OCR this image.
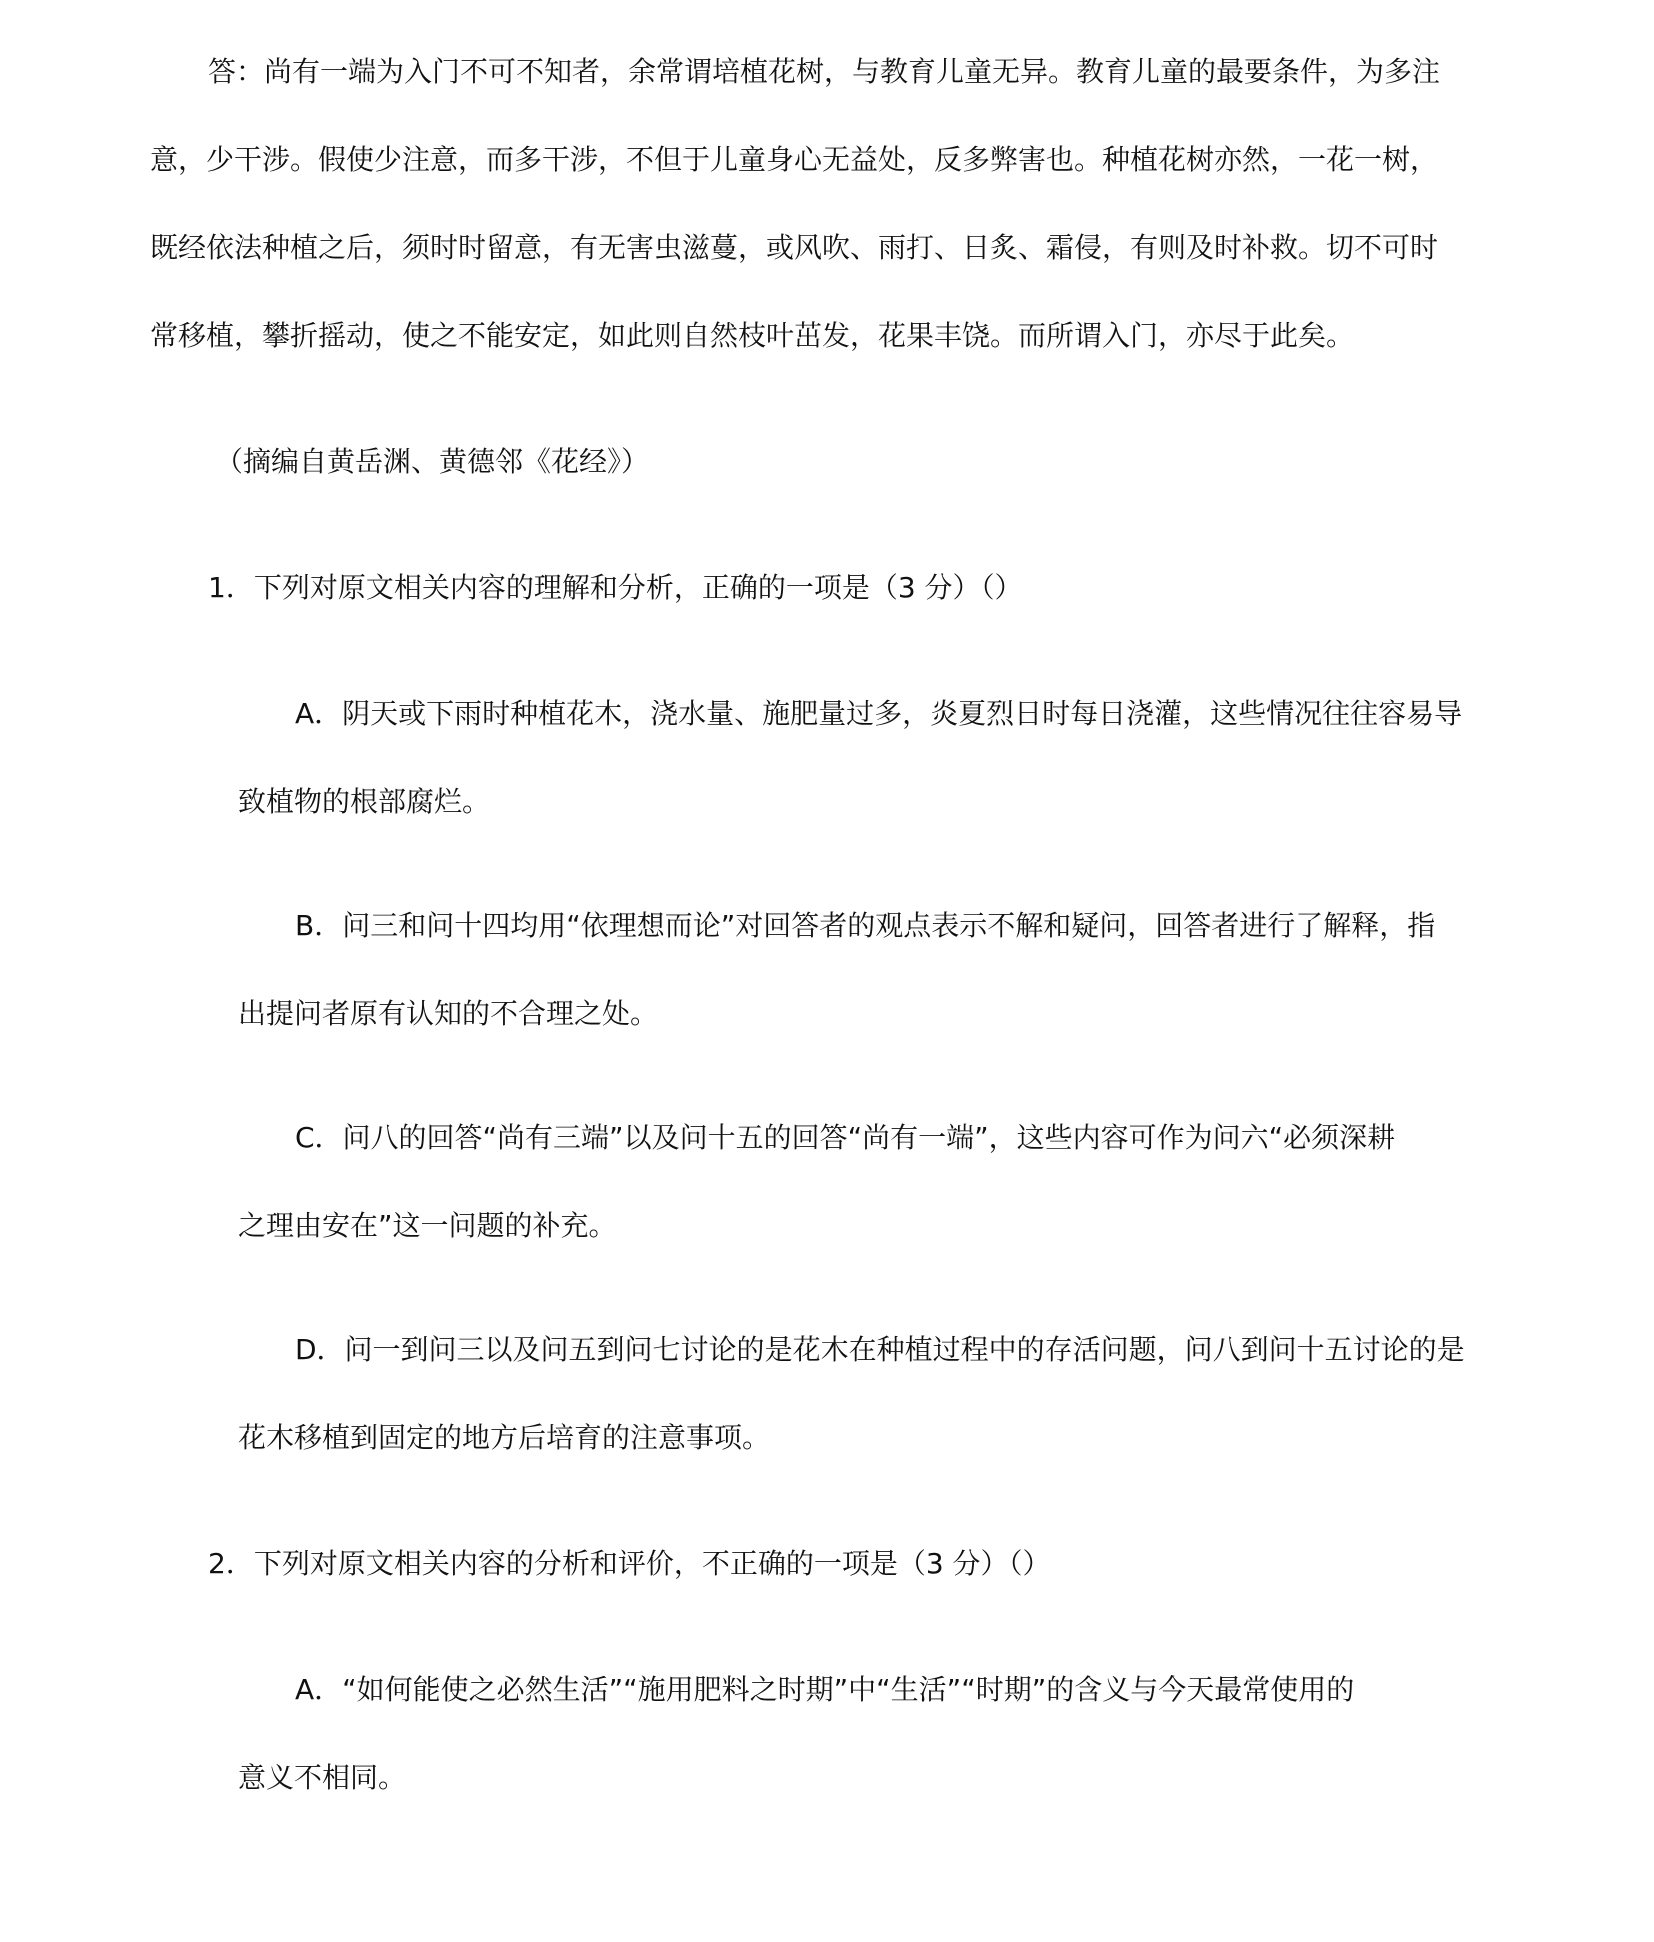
答：尚有一端为入门不可不知者，余常谓培植花树，与教育儿童无异。教育儿童的最要条件，为多注
意，少干涉。假使少注意，而多干涉，不但于儿童身心无益处，反多弊害也。种植花树亦然，一花一树，
既经依法种植之后，须时时留意，有无害虫滋蔓，或风吹、雨打、日炙、霜侵，有则及时补救。切不可时
常移植，攀折摇动，使之不能安定，如此则自然枝叶茁发，花果丰饶。而所谓入门，亦尽于此矣。
（摘编自黄岳渊、黄德邻《花经》）
1．下列对原文相关内容的理解和分析，正确的一项是（3 分）（）
A．阴天或下雨时种植花木，浇水量、施肥量过多，炎夏烈日时每日浇灌，这些情况往往容易导
致植物的根部腐烂。
B．问三和问十四均用“依理想而论”对回答者的观点表示不解和疑问，回答者进行了解释，指
出提问者原有认知的不合理之处。
C．问八的回答“尚有三端”以及问十五的回答“尚有一端”，这些内容可作为问六“必须深耕
之理由安在”这一问题的补充。
D．问一到问三以及问五到问七讨论的是花木在种植过程中的存活问题，问八到问十五讨论的是
花木移植到固定的地方后培育的注意事项。
2．下列对原文相关内容的分析和评价，不正确的一项是（3 分）（）
A．“如何能使之必然生活”“施用肥料之时期”中“生活”“时期”的含义与今天最常使用的
意义不相同。
